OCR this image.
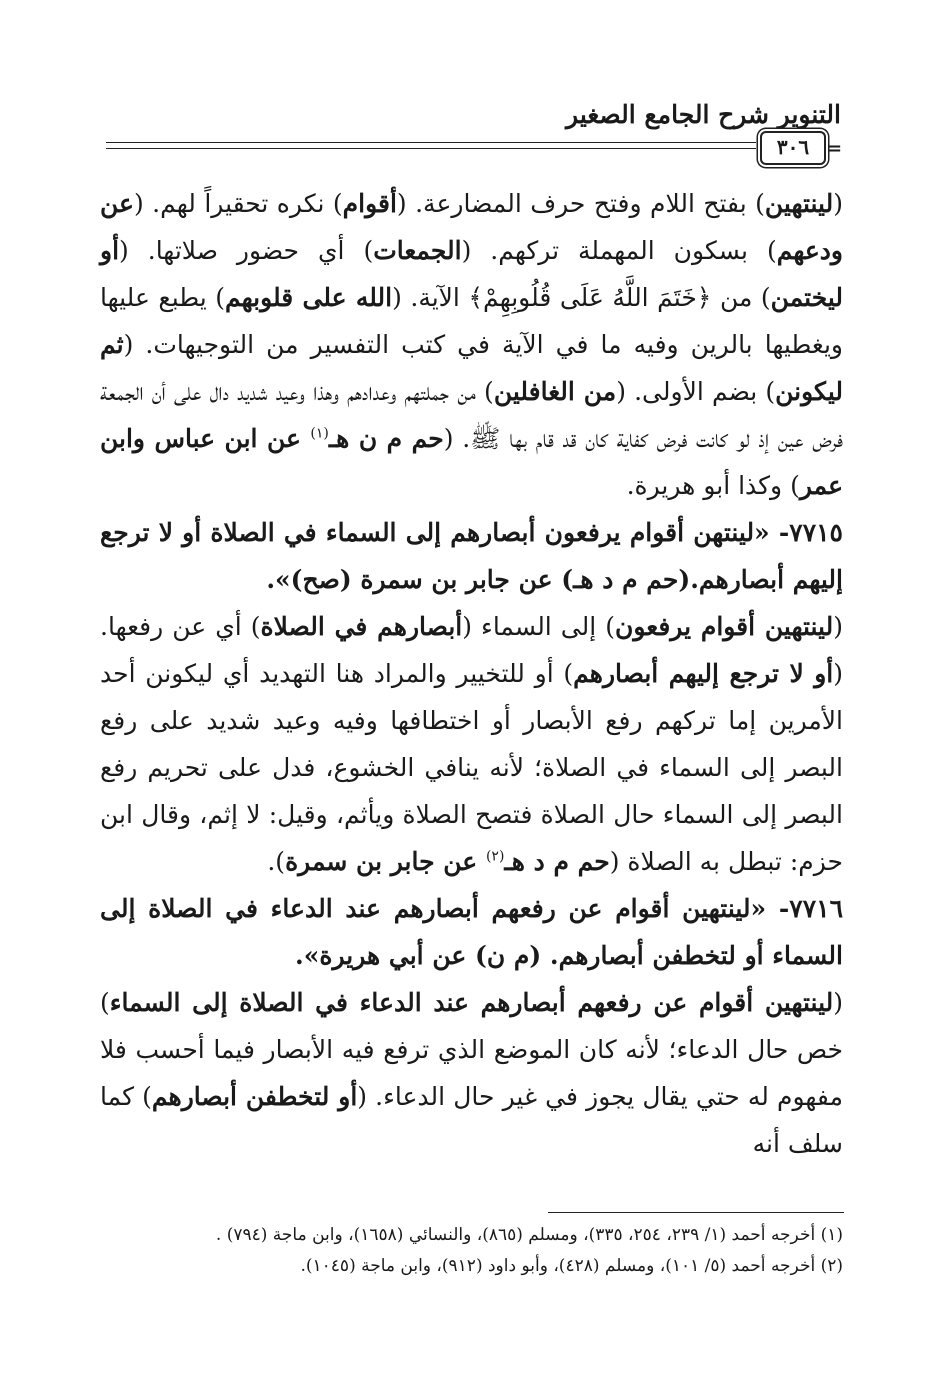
التنوير شرح الجامع الصغير
٣٠٦ =

(لينتهين) بفتح اللام وفتح حرف المضارعة. (أقوام) نكره تحقيراً لهم. (عن ودعهم) بسكون المهملة تركهم. (الجمعات) أي حضور صلاتها. (أو ليختمن) من ﴿خَتَمَ اللَّهُ عَلَى قُلُوبِهِمْ﴾ الآية. (الله على قلوبهم) يطبع عليها ويغطيها بالرين وفيه ما في الآية في كتب التفسير من التوجيهات. (ثم ليكونن) بضم الأولى. (من الغافلين) من جملتهم وعدادهم وهذا وعيد شديد دال على أن الجمعة فرض عين إذ لو كانت فرض كفاية كان قد قام بها ﷺ. (حم م ن هـ$^{(١)}$ عن ابن عباس وابن عمر) وكذا أبو هريرة.

٧٧١٥- «لينتهن أقوام يرفعون أبصارهم إلى السماء في الصلاة أو لا ترجع إليهم أبصارهم.(حم م د هـ) عن جابر بن سمرة (صح)».

(لينتهين أقوام يرفعون) إلى السماء (أبصارهم في الصلاة) أي عن رفعها. (أو لا ترجع إليهم أبصارهم) أو للتخيير والمراد هنا التهديد أي ليكونن أحد الأمرين إما تركهم رفع الأبصار أو اختطافها وفيه وعيد شديد على رفع البصر إلى السماء في الصلاة؛ لأنه ينافي الخشوع، فدل على تحريم رفع البصر إلى السماء حال الصلاة فتصح الصلاة ويأثم، وقيل: لا إثم، وقال ابن حزم: تبطل به الصلاة (حم م د هـ$^{(٢)}$ عن جابر بن سمرة).

٧٧١٦- «لينتهين أقوام عن رفعهم أبصارهم عند الدعاء في الصلاة إلى السماء أو لتخطفن أبصارهم. (م ن) عن أبي هريرة».

(لينتهين أقوام عن رفعهم أبصارهم عند الدعاء في الصلاة إلى السماء) خص حال الدعاء؛ لأنه كان الموضع الذي ترفع فيه الأبصار فيما أحسب فلا مفهوم له حتي يقال يجوز في غير حال الدعاء. (أو لتخطفن أبصارهم) كما سلف أنه

(١) أخرجه أحمد (١/ ٢٣٩، ٢٥٤، ٣٣٥)، ومسلم (٨٦٥)، والنسائي (١٦٥٨)، وابن ماجة (٧٩٤) .
(٢) أخرجه أحمد (٥/ ١٠١)، ومسلم (٤٢٨)، وأبو داود (٩١٢)، وابن ماجة (١٠٤٥).
